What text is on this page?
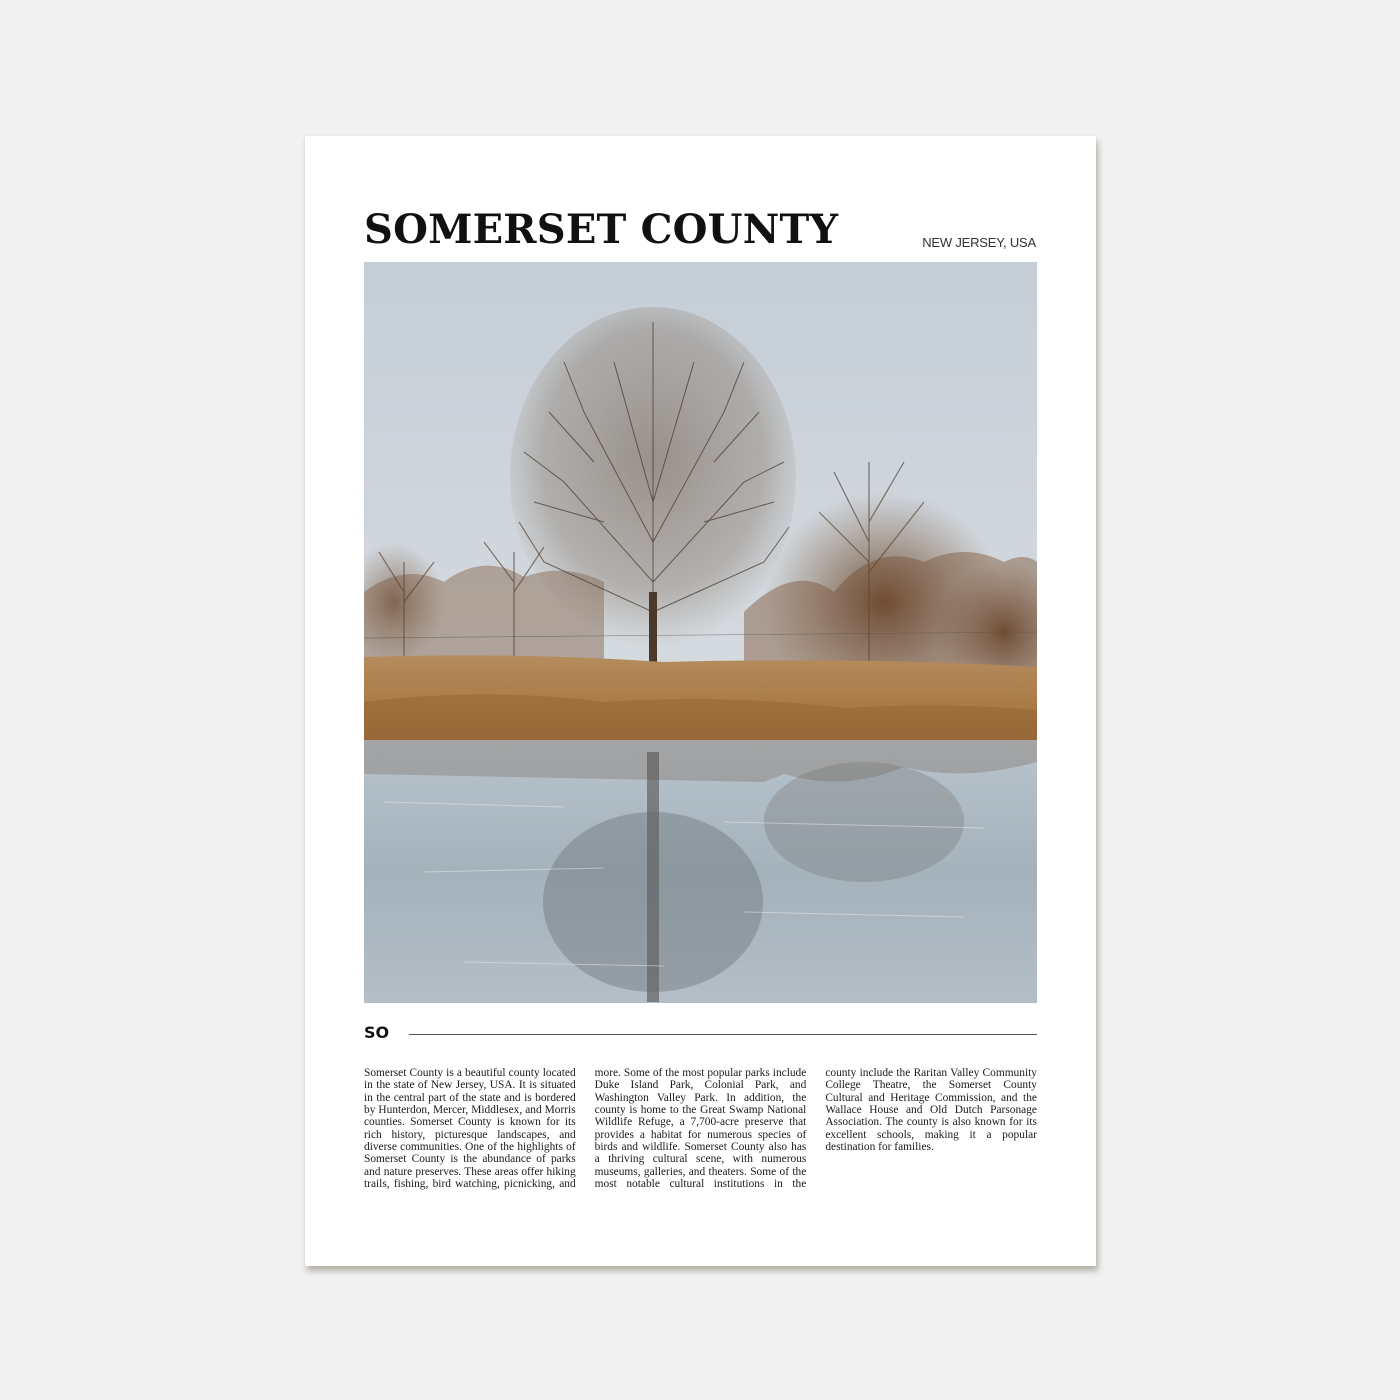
SOMERSET COUNTY	NEW JERSEY, USA
SO
Somerset County is a beautiful county located in the state of New Jersey, USA. It is situated in the central part of the state and is bordered by Hunterdon, Mercer, Middlesex, and Morris counties. Somerset County is known for its rich history, picturesque landscapes, and diverse communities. One of the highlights of Somerset County is the abundance of parks and nature preserves. These areas offer hiking trails, fishing, bird watching, picnicking, and more. Some of the most popular parks include Duke Island Park, Colonial Park, and Washington Valley Park. In addition, the county is home to the Great Swamp National Wildlife Refuge, a 7,700-acre preserve that provides a habitat for numerous species of birds and wildlife. Somerset County also has a thriving cultural scene, with numerous museums, galleries, and theaters. Some of the most notable cultural institutions in the county include the Raritan Valley Community College Theatre, the Somerset County Cultural and Heritage Commission, and the Wallace House and Old Dutch Parsonage Association. The county is also known for its excellent schools, making it a popular destination for families.
